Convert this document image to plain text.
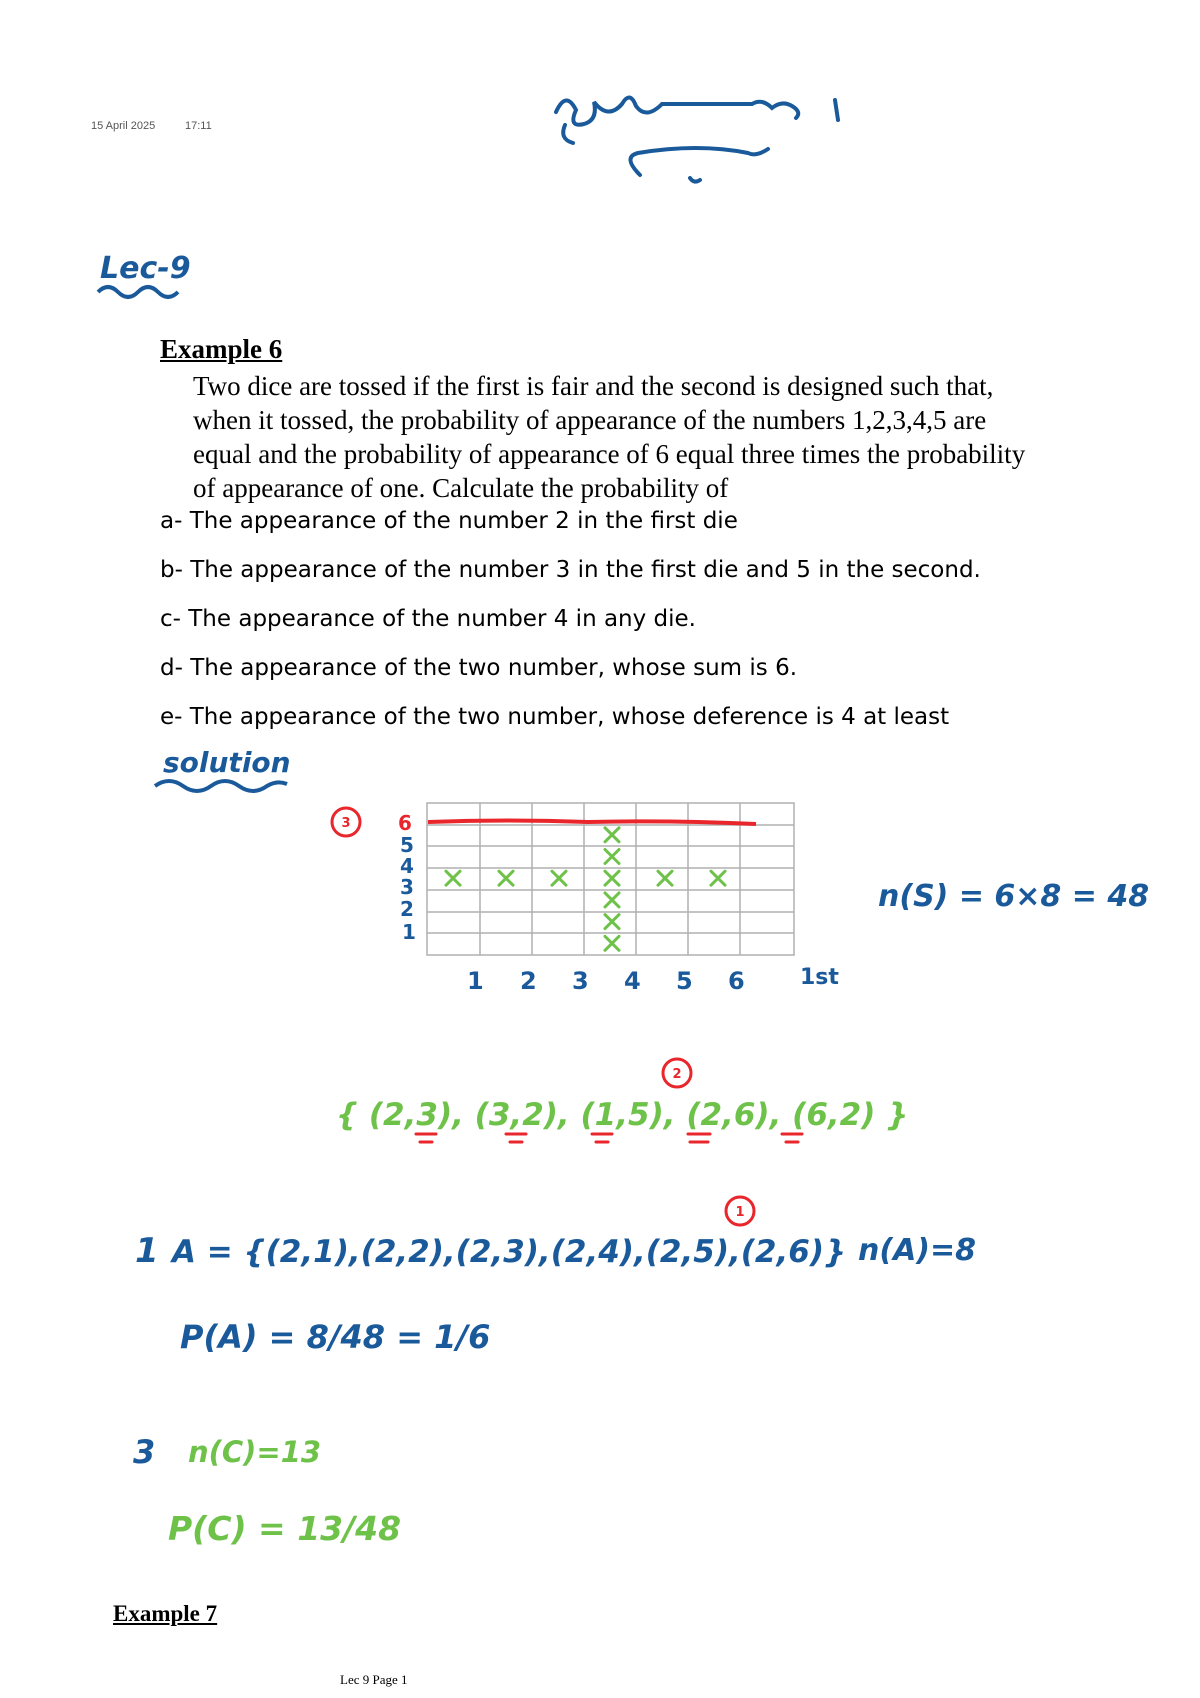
15 April 2025	17:11
Lec-9
solution
6
5
4
3
2
1
1 2 3 4 5 6	1st
3
2
1
n(S) = 6×8 = 48
{ (2,3), (3,2), (1,5), (2,6), (6,2) }
1 A = {(2,1),(2,2),(2,3),(2,4),(2,5),(2,6)} n(A)=8
P(A) = 8/48 = 1/6
3 n(C)=13
P(C) = 13/48
Example 6

Two dice are tossed if the first is fair and the second is designed such that,

when it tossed, the probability of appearance of the numbers 1,2,3,4,5 are

equal and the probability of appearance of 6 equal three times the probability

of appearance of one. Calculate the probability of

a- The appearance of the number 2 in the first die
b- The appearance of the number 3 in the first die and 5 in the second.
c- The appearance of the number 4 in any die.
d- The appearance of the two number, whose sum is 6.
e- The appearance of the two number, whose deference is 4 at least
Example 7
Lec 9 Page 1
